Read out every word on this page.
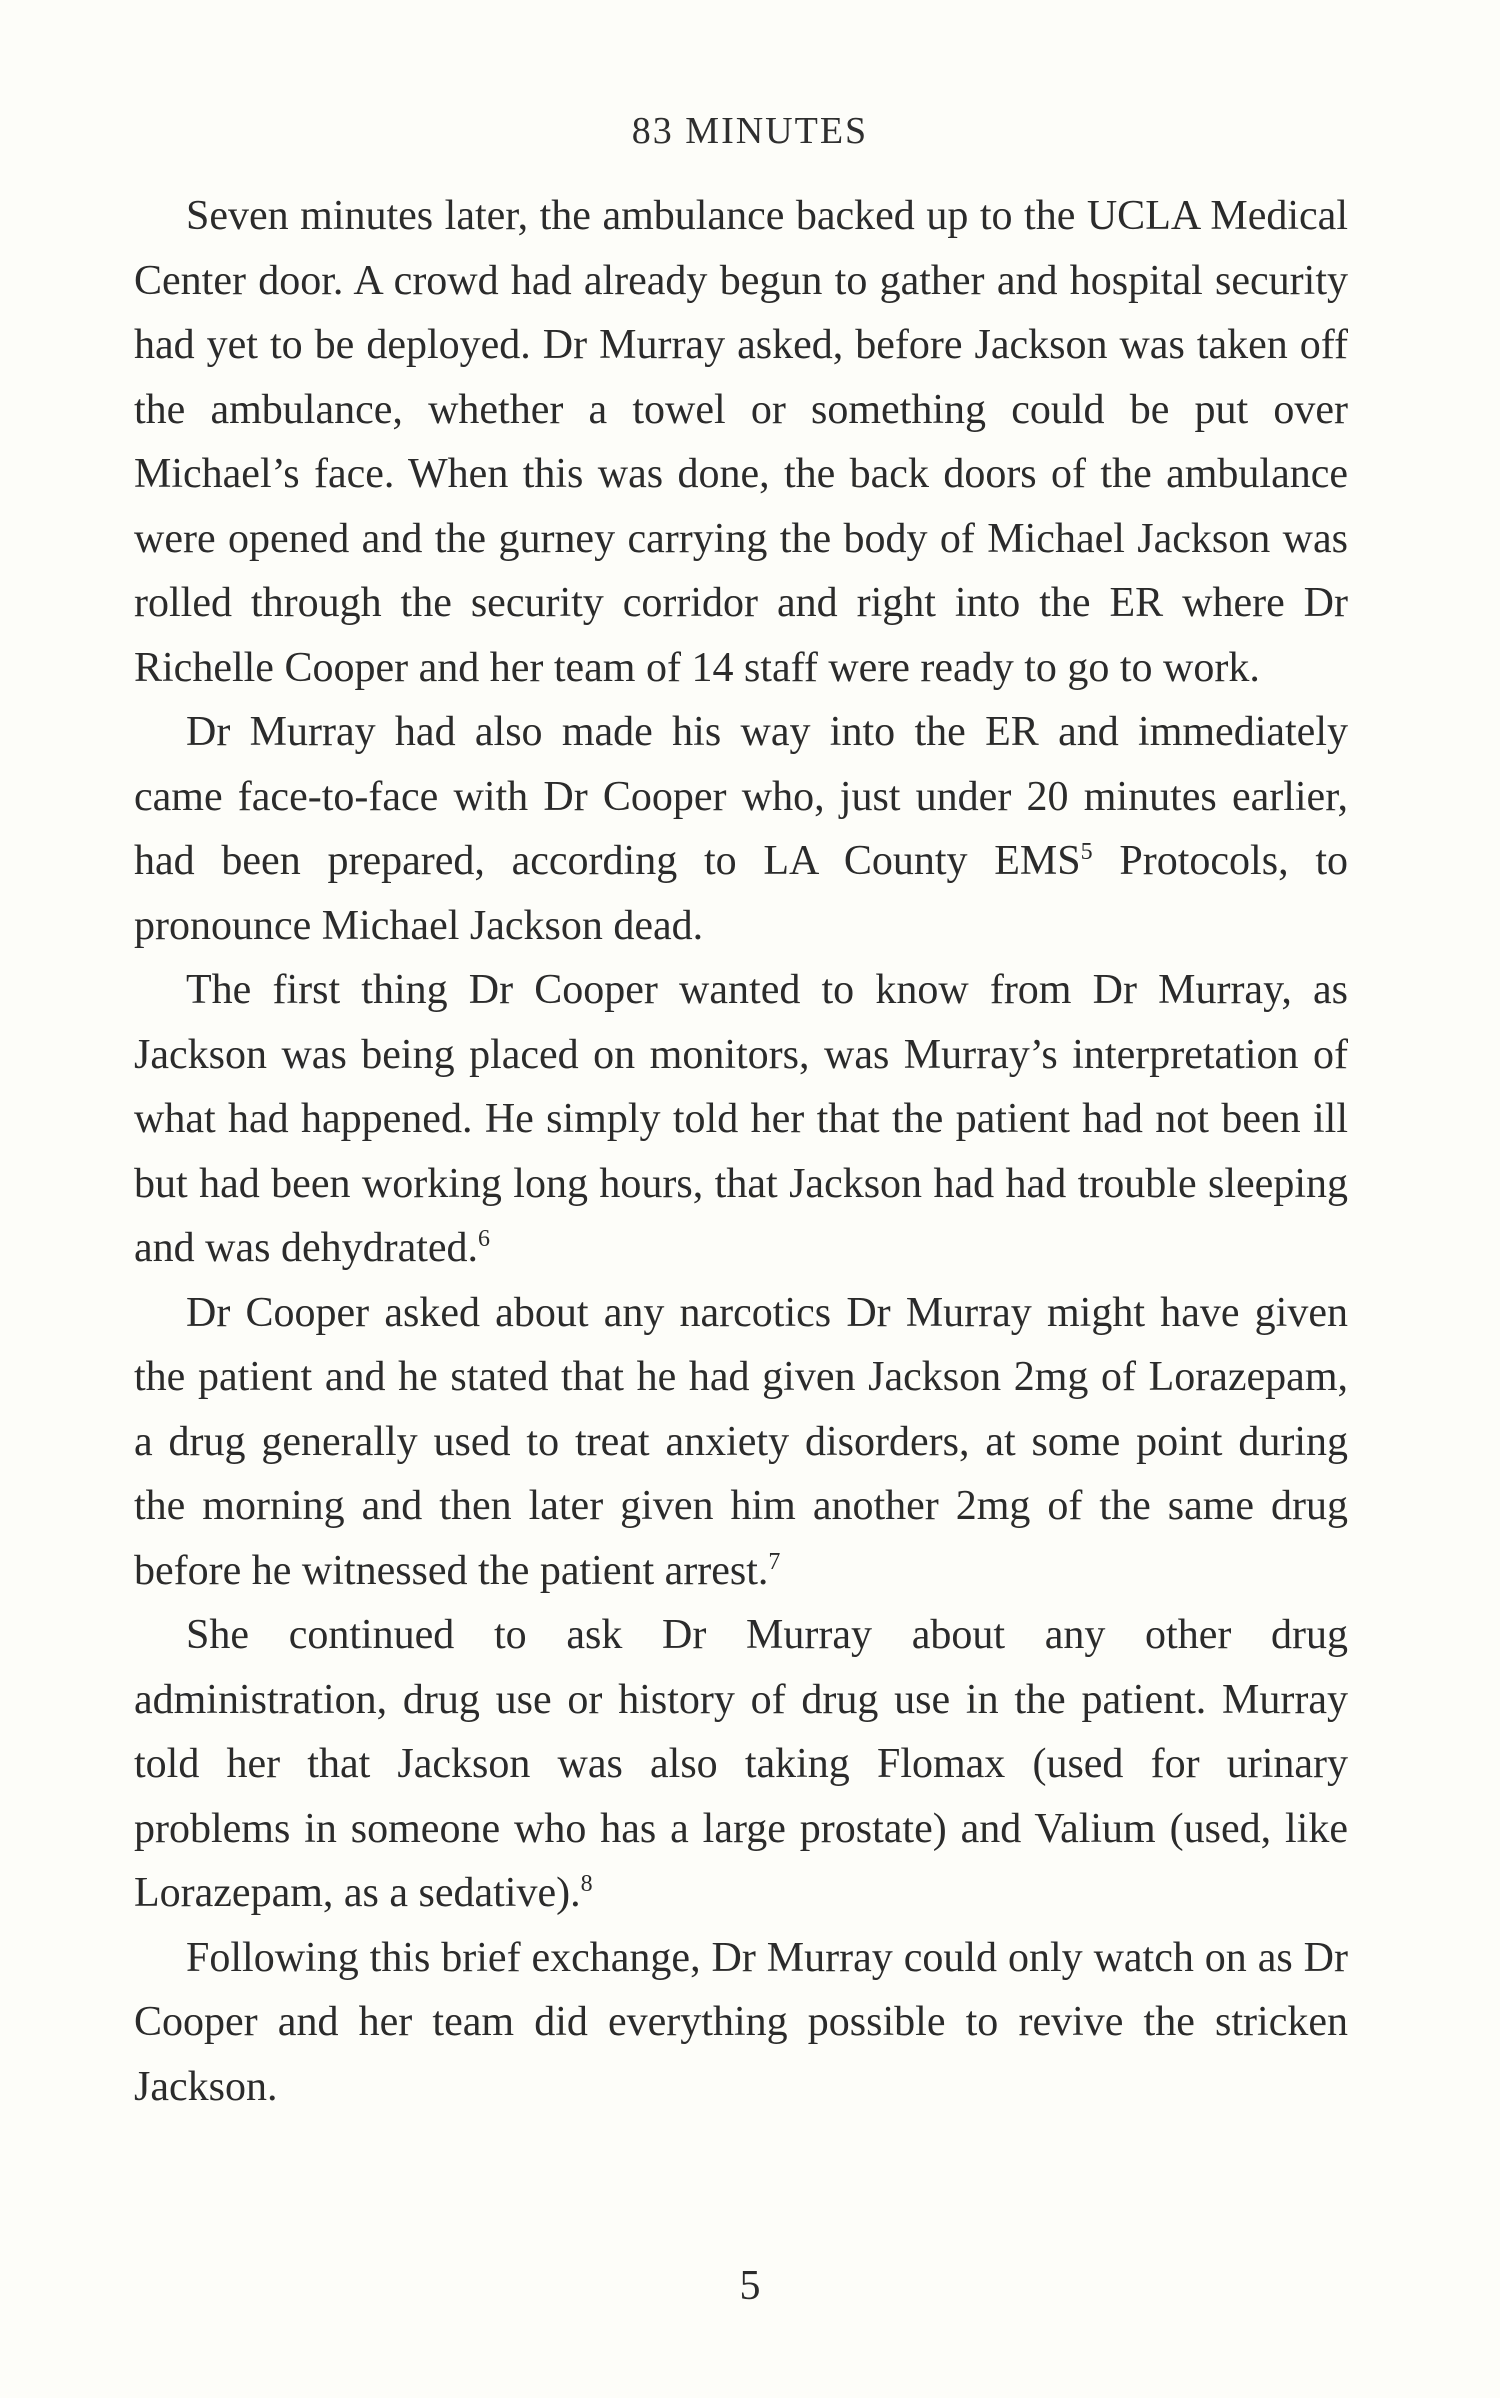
83 MINUTES

Seven minutes later, the ambulance backed up to the UCLA Medical Center door. A crowd had already begun to gather and hospital security had yet to be deployed. Dr Murray asked, before Jackson was taken off the ambulance, whether a towel or something could be put over Michael’s face. When this was done, the back doors of the ambulance were opened and the gurney carrying the body of Michael Jackson was rolled through the security corridor and right into the ER where Dr Richelle Cooper and her team of 14 staff were ready to go to work.

Dr Murray had also made his way into the ER and immediately came face-to-face with Dr Cooper who, just under 20 minutes earlier, had been prepared, according to LA County EMS$^5$ Protocols, to pronounce Michael Jackson dead.

The first thing Dr Cooper wanted to know from Dr Murray, as Jackson was being placed on monitors, was Murray’s interpretation of what had happened. He simply told her that the patient had not been ill but had been working long hours, that Jackson had had trouble sleeping and was dehydrated.$^6$

Dr Cooper asked about any narcotics Dr Murray might have given the patient and he stated that he had given Jackson 2mg of Lorazepam, a drug generally used to treat anxiety disorders, at some point during the morning and then later given him another 2mg of the same drug before he witnessed the patient arrest.$^7$

She continued to ask Dr Murray about any other drug administration, drug use or history of drug use in the patient. Murray told her that Jackson was also taking Flomax (used for urinary problems in someone who has a large prostate) and Valium (used, like Lorazepam, as a sedative).$^8$

Following this brief exchange, Dr Murray could only watch on as Dr Cooper and her team did everything possible to revive the stricken Jackson.

5
